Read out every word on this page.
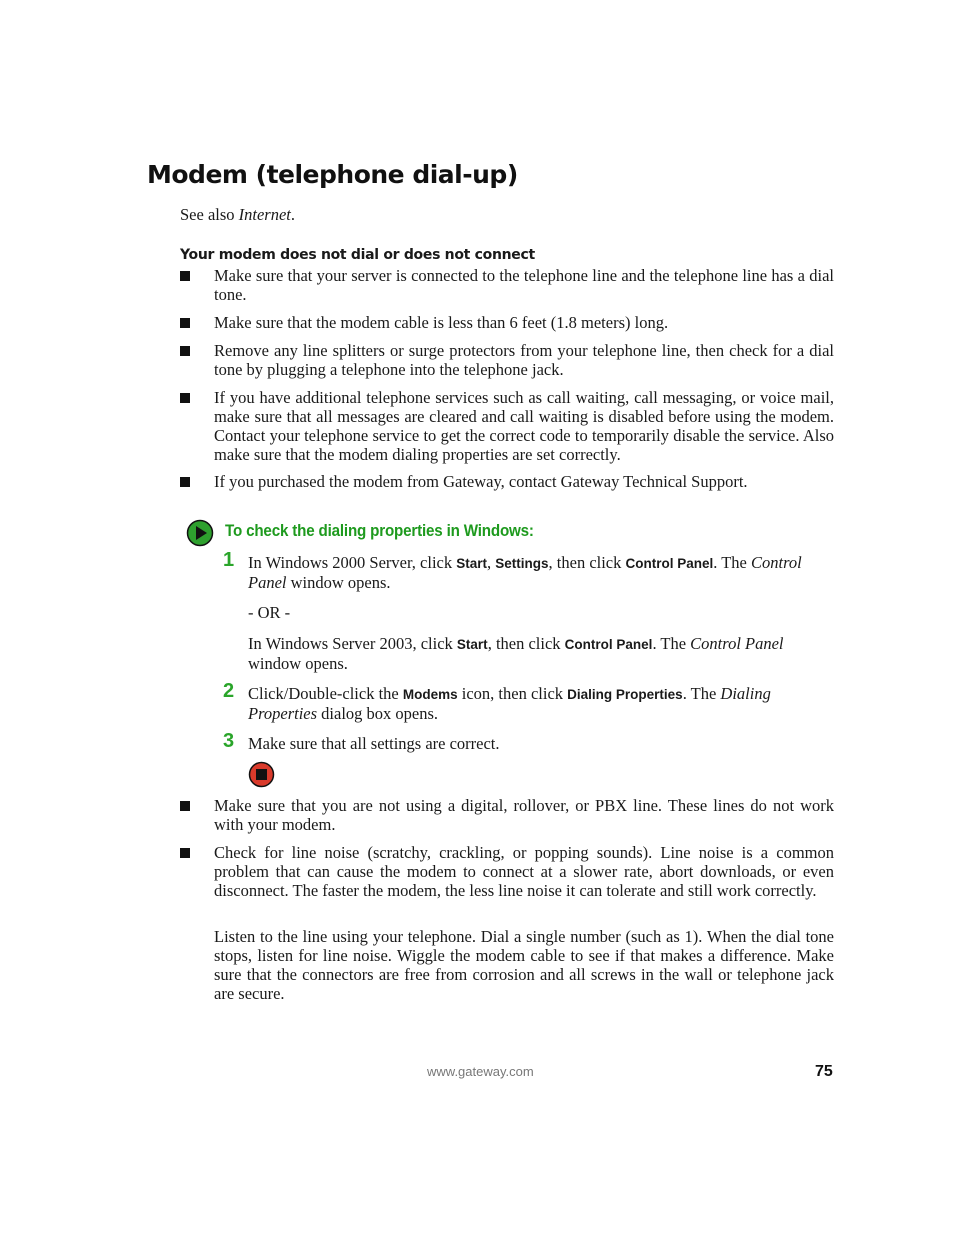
Modem (telephone dial-up)
See also Internet.
Your modem does not dial or does not connect
Make sure that your server is connected to the telephone line and the telephone line has a dial tone.
Make sure that the modem cable is less than 6 feet (1.8 meters) long.
Remove any line splitters or surge protectors from your telephone line, then check for a dial tone by plugging a telephone into the telephone jack.
If you have additional telephone services such as call waiting, call messaging, or voice mail, make sure that all messages are cleared and call waiting is disabled before using the modem. Contact your telephone service to get the correct code to temporarily disable the service. Also make sure that the modem dialing properties are set correctly.
If you purchased the modem from Gateway, contact Gateway Technical Support.
To check the dialing properties in Windows:
1 In Windows 2000 Server, click Start, Settings, then click Control Panel. The Control Panel window opens.
- OR -
In Windows Server 2003, click Start, then click Control Panel. The Control Panel window opens.
2 Click/Double-click the Modems icon, then click Dialing Properties. The Dialing Properties dialog box opens.
3 Make sure that all settings are correct.
Make sure that you are not using a digital, rollover, or PBX line. These lines do not work with your modem.
Check for line noise (scratchy, crackling, or popping sounds). Line noise is a common problem that can cause the modem to connect at a slower rate, abort downloads, or even disconnect. The faster the modem, the less line noise it can tolerate and still work correctly.
Listen to the line using your telephone. Dial a single number (such as 1). When the dial tone stops, listen for line noise. Wiggle the modem cable to see if that makes a difference. Make sure that the connectors are free from corrosion and all screws in the wall or telephone jack are secure.
www.gateway.com	75
